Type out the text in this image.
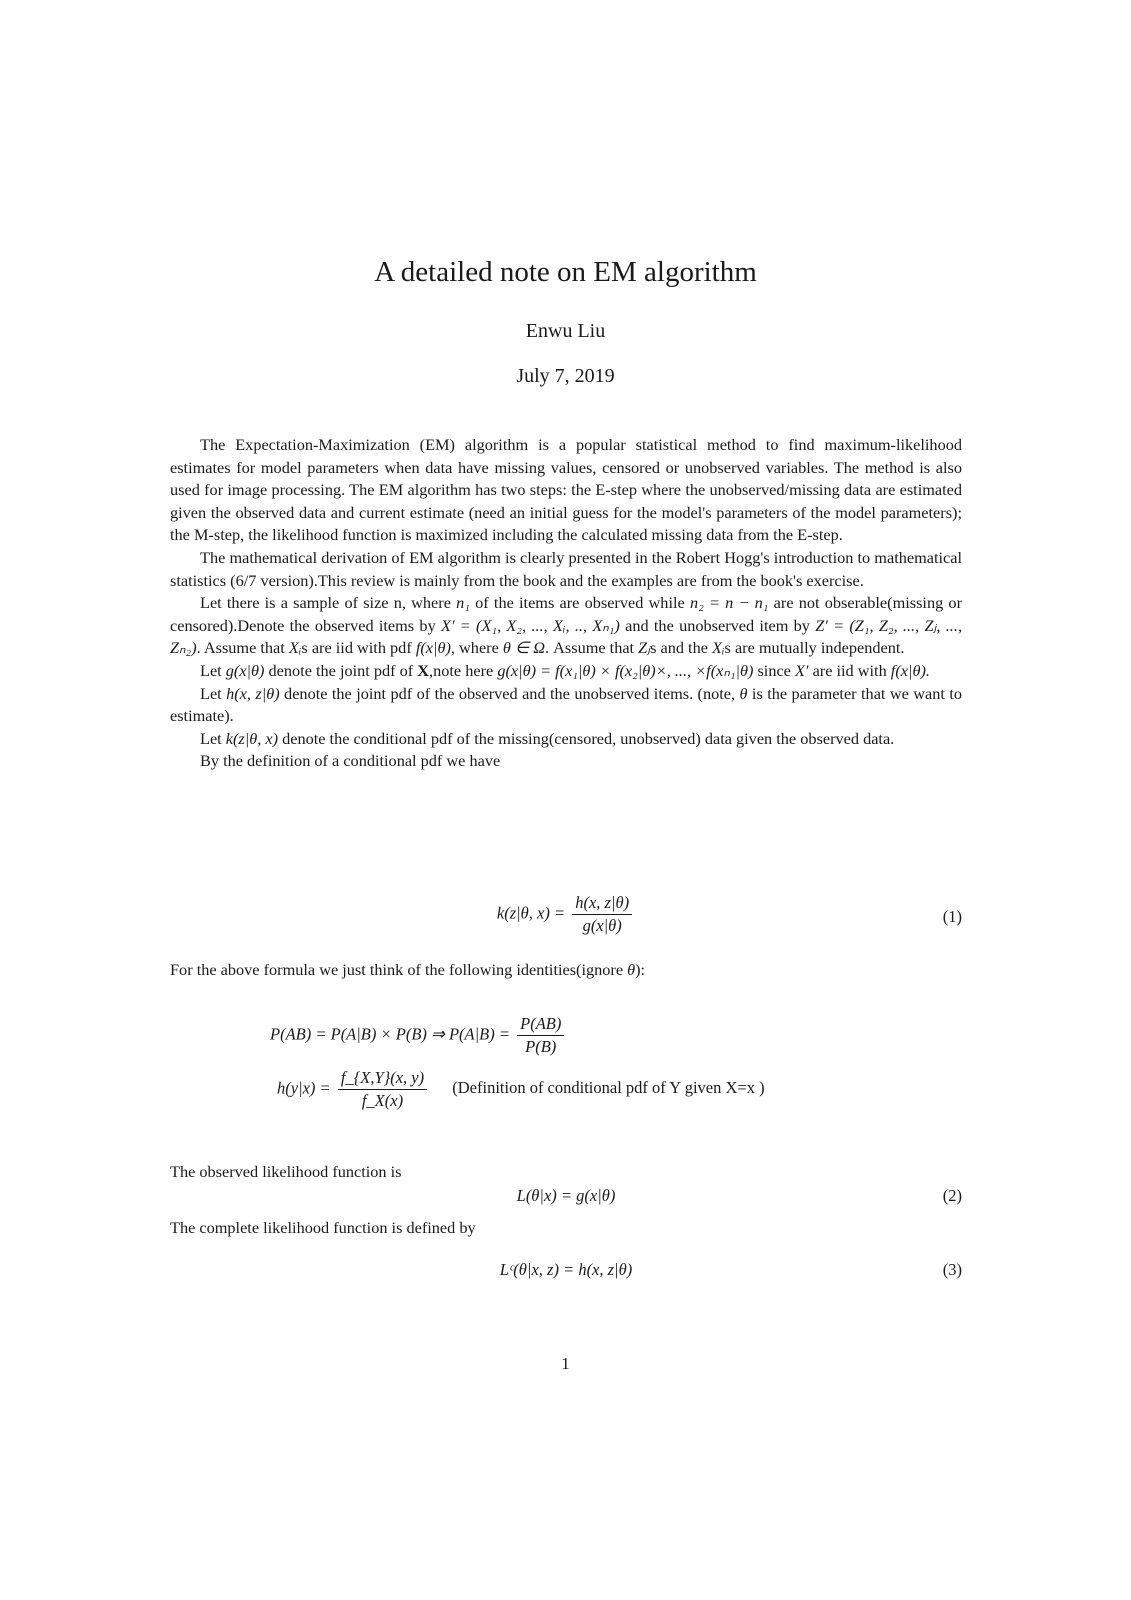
A detailed note on EM algorithm
Enwu Liu
July 7, 2019

The Expectation-Maximization (EM) algorithm is a popular statistical method to find maximum-likelihood estimates for model parameters when data have missing values, censored or unobserved variables. The method is also used for image processing. The EM algorithm has two steps: the E-step where the unobserved/missing data are estimated given the observed data and current estimate (need an initial guess for the model's parameters of the model parameters); the M-step, the likelihood function is maximized including the calculated missing data from the E-step.

The mathematical derivation of EM algorithm is clearly presented in the Robert Hogg's introduction to mathematical statistics (6/7 version).This review is mainly from the book and the examples are from the book's exercise.

Let there is a sample of size n, where n₁ of the items are observed while n₂ = n − n₁ are not obserable(missing or censored).Denote the observed items by X′ = (X₁, X₂, ..., Xᵢ, .., Xₙ₁) and the unobserved item by Z′ = (Z₁, Z₂, ..., Zⱼ, ..., Zₙ₂). Assume that Xᵢs are iid with pdf f(x|θ), where θ ∈ Ω. Assume that Zⱼs and the Xᵢs are mutually independent.

Let g(x|θ) denote the joint pdf of X,note here g(x|θ) = f(x₁|θ) × f(x₂|θ)×, ..., ×f(xₙ₁|θ) since X′ are iid with f(x|θ).

Let h(x, z|θ) denote the joint pdf of the observed and the unobserved items. (note, θ is the parameter that we want to estimate).

Let k(z|θ, x) denote the conditional pdf of the missing(censored, unobserved) data given the observed data.

By the definition of a conditional pdf we have

k(z|θ, $x) = \frac{h(x, z|\theta)}{g(x|\theta)}$	(1)
For the above formula we just think of the following identities(ignore θ):
P(AB) = P(A|B) × P(B) ⇒ $P(A|B) = \frac{P(AB)}{P(B)}$
$h(y|x) = \frac{f\_\{X,Y\}(x, y)}{f\_X(x)}$ (Definition of conditional pdf of Y given X=x )
The observed likelihood function is
L(θ|x) = g(x|θ)	(2)
The complete likelihood function is defined by
Lᶜ(θ|x, z) = h(x, z|θ)	(3)
1
